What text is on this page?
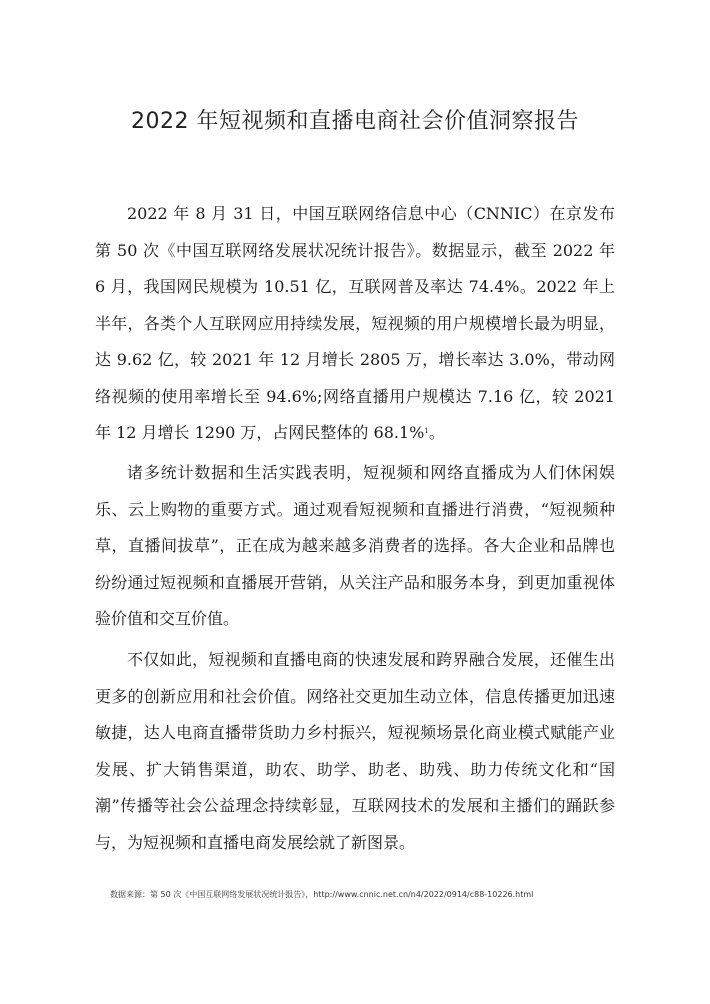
2022 年短视频和直播电商社会价值洞察报告

2022 年 8 月 31 日，中国互联网络信息中心（CNNIC）在京发布第 50 次《中国互联网络发展状况统计报告》。数据显示，截至 2022 年 6 月，我国网民规模为 10.51 亿，互联网普及率达 74.4%。2022 年上半年，各类个人互联网应用持续发展，短视频的用户规模增长最为明显，达 9.62 亿，较 2021 年 12 月增长 2805 万，增长率达 3.0%，带动网络视频的使用率增长至 94.6%;网络直播用户规模达 7.16 亿，较 2021 年 12 月增长 1290 万，占网民整体的 68.1%$^1$。

诸多统计数据和生活实践表明，短视频和网络直播成为人们休闲娱乐、云上购物的重要方式。通过观看短视频和直播进行消费，“短视频种草，直播间拔草”，正在成为越来越多消费者的选择。各大企业和品牌也纷纷通过短视频和直播展开营销，从关注产品和服务本身，到更加重视体验价值和交互价值。

不仅如此，短视频和直播电商的快速发展和跨界融合发展，还催生出更多的创新应用和社会价值。网络社交更加生动立体，信息传播更加迅速敏捷，达人电商直播带货助力乡村振兴，短视频场景化商业模式赋能产业发展、扩大销售渠道，助农、助学、助老、助残、助力传统文化和“国潮”传播等社会公益理念持续彰显，互联网技术的发展和主播们的踊跃参与，为短视频和直播电商发展绘就了新图景。

数据来源：第 50 次《中国互联网络发展状况统计报告》，http://www.cnnic.net.cn/n4/2022/0914/c88-10226.html
